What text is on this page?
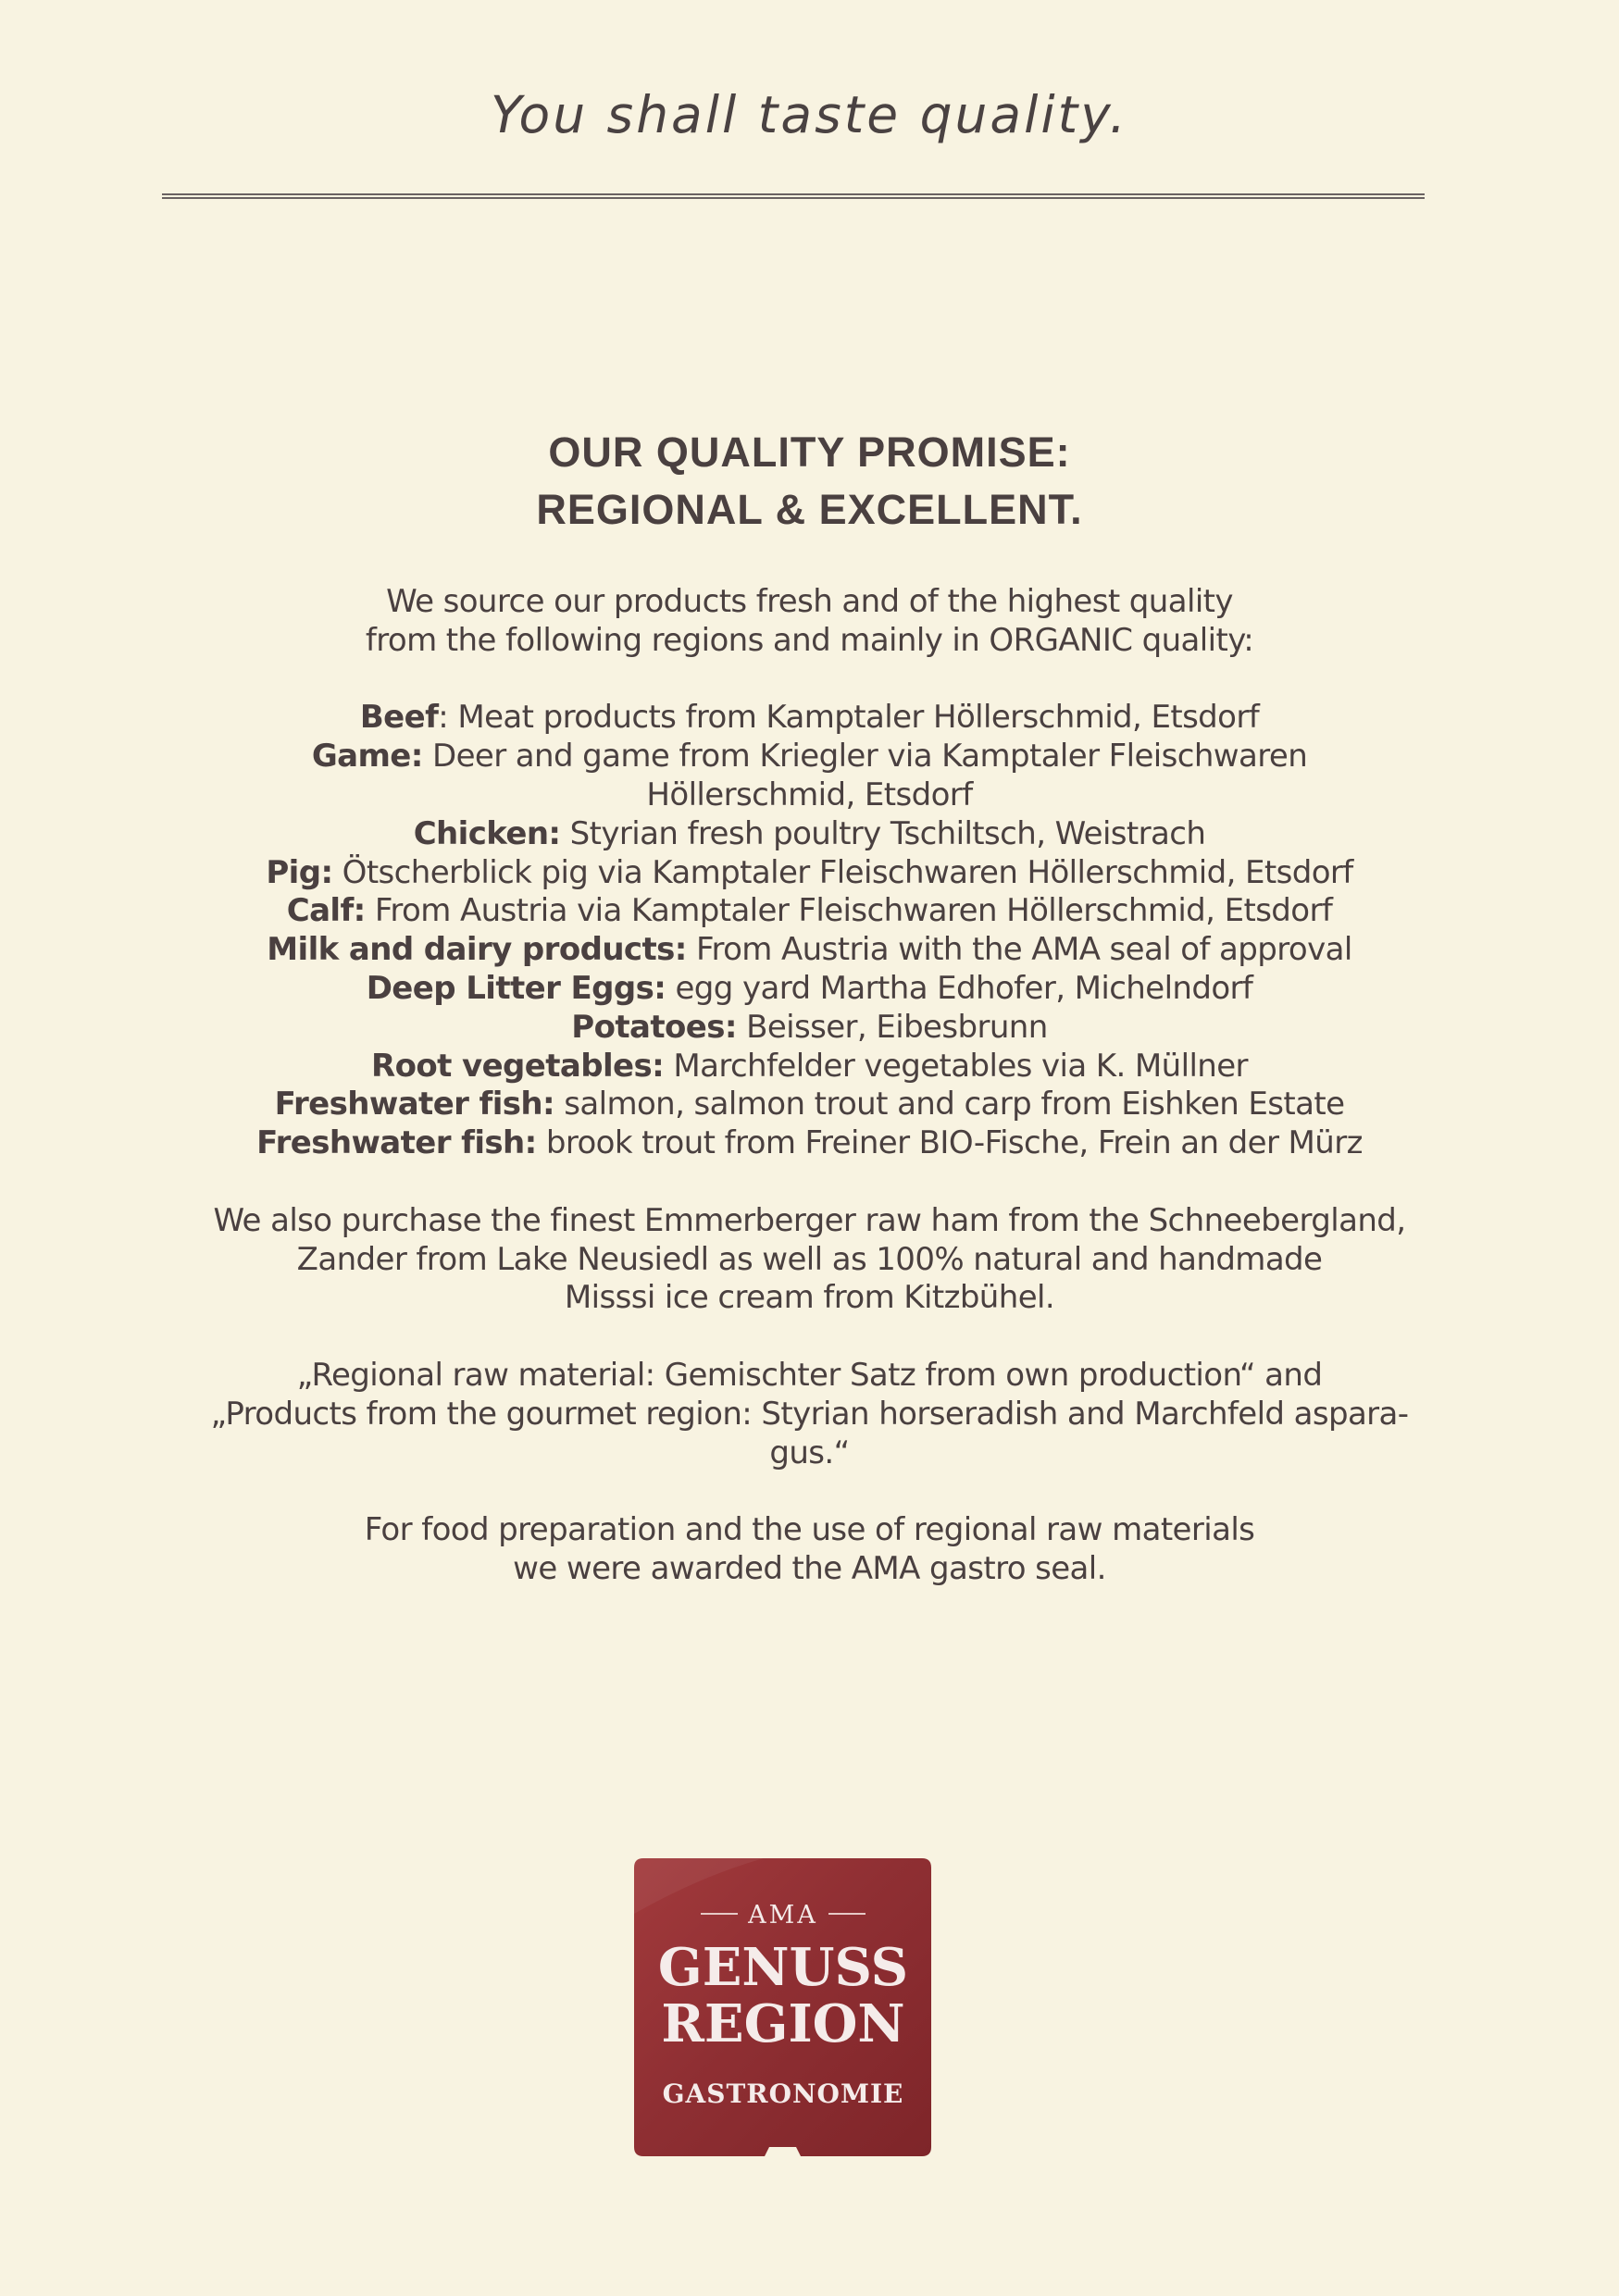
You shall taste quality.
OUR QUALITY PROMISE:
REGIONAL & EXCELLENT.
We source our products fresh and of the highest quality
from the following regions and mainly in ORGANIC quality:
Beef: Meat products from Kamptaler Höllerschmid, Etsdorf
Game: Deer and game from Kriegler via Kamptaler Fleischwaren
Höllerschmid, Etsdorf
Chicken: Styrian fresh poultry Tschiltsch, Weistrach
Pig: Ötscherblick pig via Kamptaler Fleischwaren Höllerschmid, Etsdorf
Calf: From Austria via Kamptaler Fleischwaren Höllerschmid, Etsdorf
Milk and dairy products: From Austria with the AMA seal of approval
Deep Litter Eggs: egg yard Martha Edhofer, Michelndorf
Potatoes: Beisser, Eibesbrunn
Root vegetables: Marchfelder vegetables via K. Müllner
Freshwater fish: salmon, salmon trout and carp from Eishken Estate
Freshwater fish: brook trout from Freiner BIO-Fische, Frein an der Mürz
We also purchase the finest Emmerberger raw ham from the Schneebergland,
Zander from Lake Neusiedl as well as 100% natural and handmade
Misssi ice cream from Kitzbühel.
„Regional raw material: Gemischter Satz from own production“ and
„Products from the gourmet region: Styrian horseradish and Marchfeld aspara-
gus.“
For food preparation and the use of regional raw materials
we were awarded the AMA gastro seal.
AMA
GENUSS
REGION
GASTRONOMIE
